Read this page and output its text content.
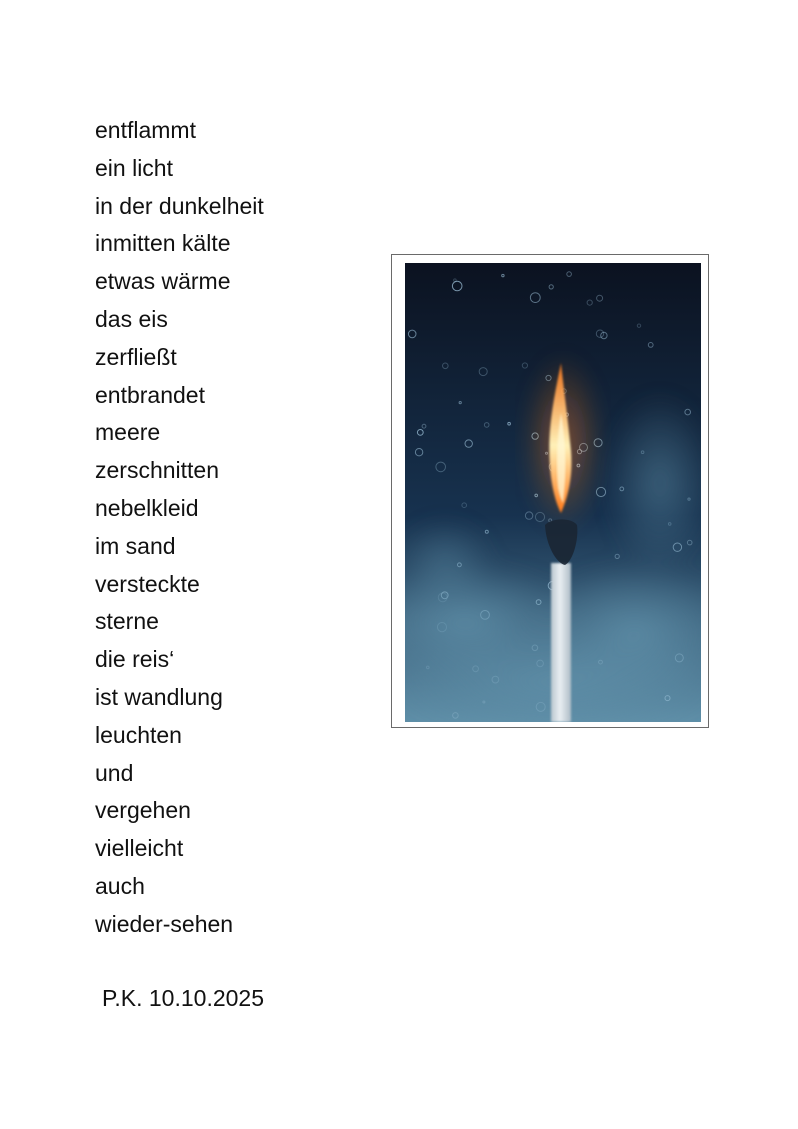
entflammt
ein licht
in der dunkelheit
inmitten kälte
etwas wärme
das eis
zerfließt
entbrandet
meere
zerschnitten
nebelkleid
im sand
versteckte
sterne
die reis‘
ist wandlung
leuchten
und
vergehen
vielleicht
auch
wieder-sehen
P.K. 10.10.2025
